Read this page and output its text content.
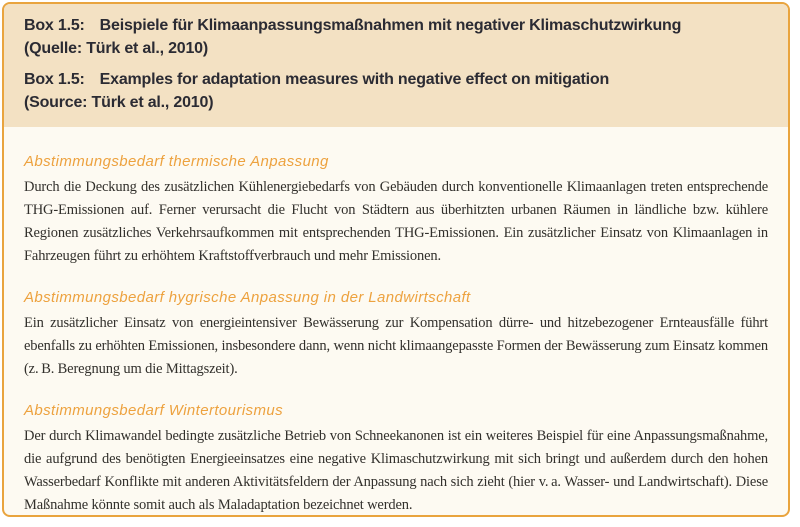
Box 1.5: Beispiele für Klimaanpassungsmaßnahmen mit negativer Klimaschutzwirkung
(Quelle: Türk et al., 2010)
Box 1.5: Examples for adaptation measures with negative effect on mitigation
(Source: Türk et al., 2010)
Abstimmungsbedarf thermische Anpassung

Durch die Deckung des zusätzlichen Kühlenergiebedarfs von Gebäuden durch konventionelle Klimaanlagen treten entsprechende THG-Emissionen auf. Ferner verursacht die Flucht von Städtern aus überhitzten urbanen Räumen in ländliche bzw. kühlere Regionen zusätzliches Verkehrsaufkommen mit entsprechenden THG-Emissionen. Ein zusätzlicher Einsatz von Klimaanlagen in Fahrzeugen führt zu erhöhtem Kraftstoffverbrauch und mehr Emissionen.

Abstimmungsbedarf hygrische Anpassung in der Landwirtschaft

Ein zusätzlicher Einsatz von energieintensiver Bewässerung zur Kompensation dürre- und hitzebezogener Ernteausfälle führt ebenfalls zu erhöhten Emissionen, insbesondere dann, wenn nicht klimaangepasste Formen der Bewässerung zum Einsatz kommen (z. B. Beregnung um die Mittagszeit).

Abstimmungsbedarf Wintertourismus

Der durch Klimawandel bedingte zusätzliche Betrieb von Schneekanonen ist ein weiteres Beispiel für eine Anpassungsmaßnahme, die aufgrund des benötigten Energieeinsatzes eine negative Klimaschutzwirkung mit sich bringt und außerdem durch den hohen Wasserbedarf Konflikte mit anderen Aktivitätsfeldern der Anpassung nach sich zieht (hier v. a. Wasser- und Landwirtschaft). Diese Maßnahme könnte somit auch als Maladaptation bezeichnet werden.
